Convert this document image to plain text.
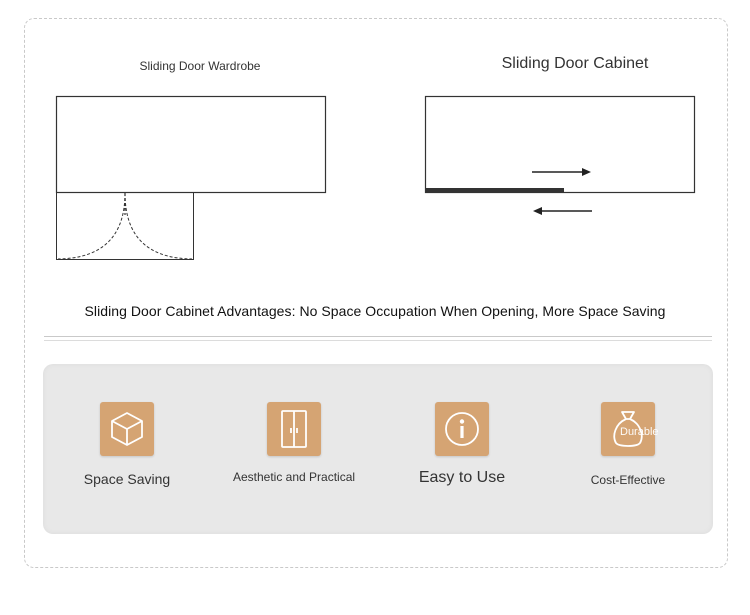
Sliding Door Wardrobe	Sliding Door Cabinet
Sliding Door Cabinet Advantages: No Space Occupation When Opening, More Space Saving
Space Saving	Aesthetic and Practical	Easy to Use
Durable
Cost-Effective
